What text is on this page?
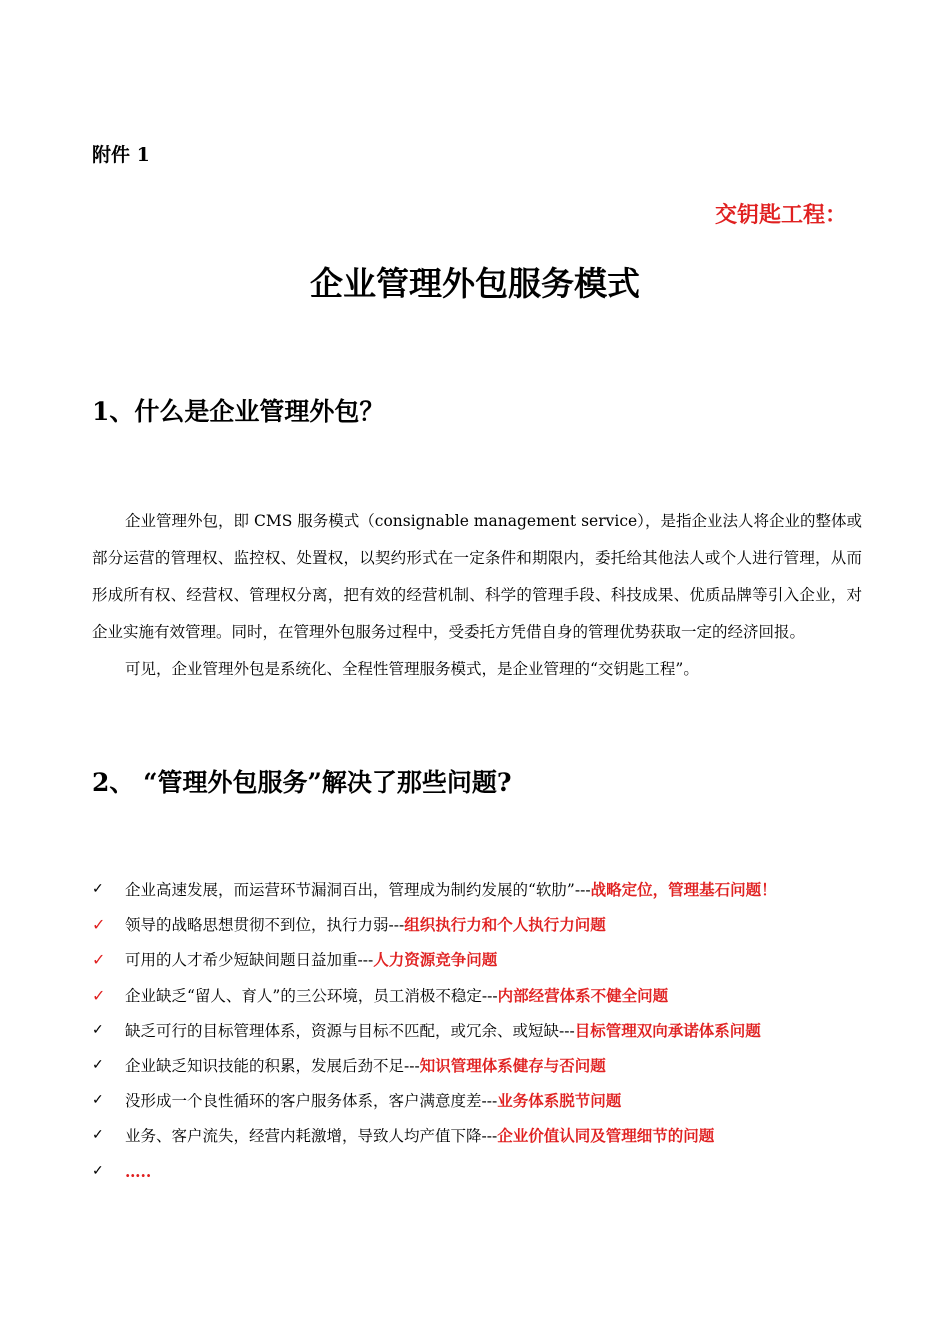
附件 1
交钥匙工程：
企业管理外包服务模式
1、什么是企业管理外包？

企业管理外包，即 CMS 服务模式（consignable management service），是指企业法人将企业的整体或部分运营的管理权、监控权、处置权，以契约形式在一定条件和期限内，委托给其他法人或个人进行管理，从而形成所有权、经营权、管理权分离，把有效的经营机制、科学的管理手段、科技成果、优质品牌等引入企业，对企业实施有效管理。同时，在管理外包服务过程中，受委托方凭借自身的管理优势获取一定的经济回报。

可见，企业管理外包是系统化、全程性管理服务模式，是企业管理的“交钥匙工程”。

2、 “管理外包服务”解决了那些问题?
✓	企业高速发展，而运营环节漏洞百出，管理成为制约发展的“软肋”---战略定位，管理基石问题！
✓	领导的战略思想贯彻不到位，执行力弱---组织执行力和个人执行力问题
✓	可用的人才希少短缺间题日益加重---人力资源竞争问题
✓	企业缺乏“留人、育人”的三公环境，员工消极不稳定---内部经营体系不健全问题
✓	缺乏可行的目标管理体系，资源与目标不匹配，或冗余、或短缺---目标管理双向承诺体系问题
✓	企业缺乏知识技能的积累，发展后劲不足---知识管理体系健存与否问题
✓	没形成一个良性循环的客户服务体系，客户满意度差---业务体系脱节问题
✓	业务、客户流失，经营内耗激增，导致人均产值下降---企业价值认同及管理细节的问题
✓	…..
